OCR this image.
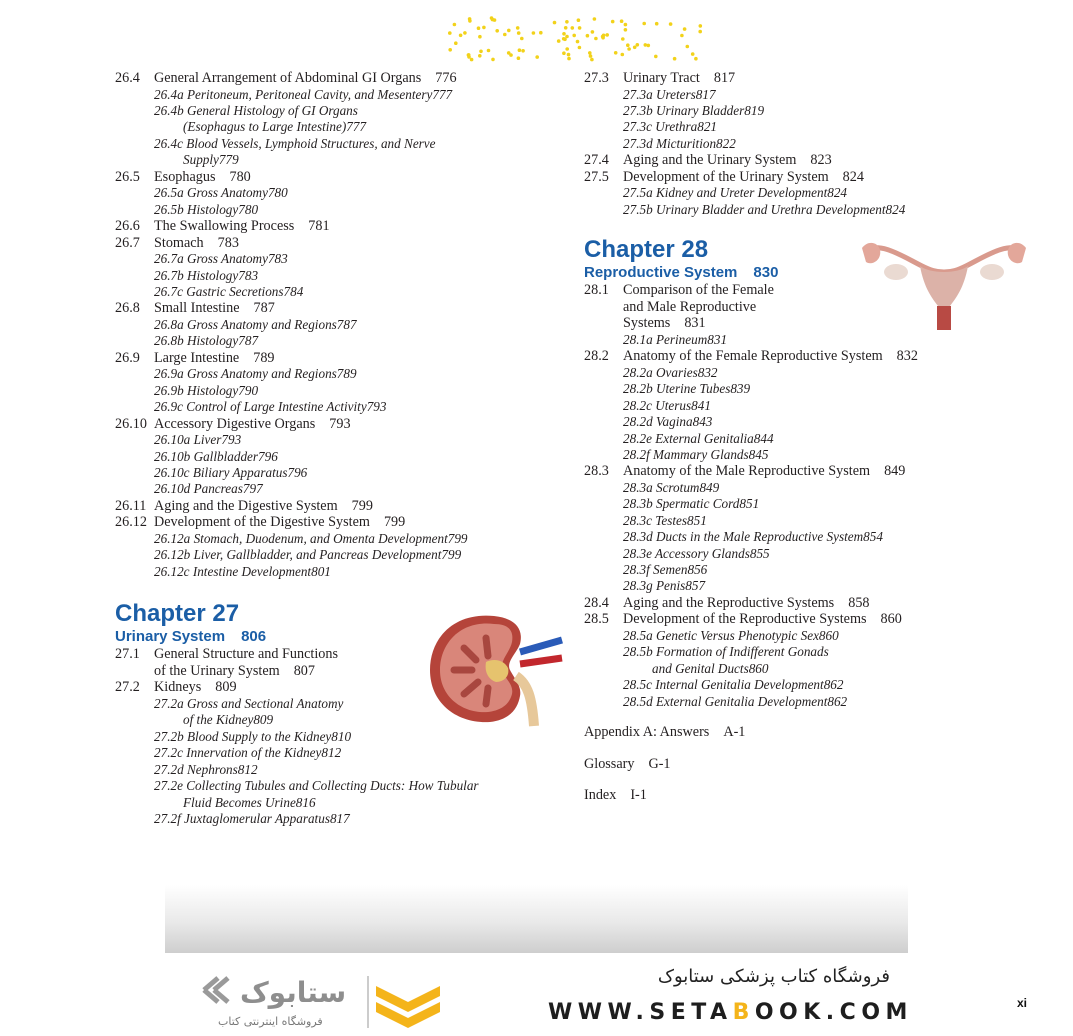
26.4 General Arrangement of Abdominal GI Organs 776
26.4a Peritoneum, Peritoneal Cavity, and Mesentery777
26.4b General Histology of GI Organs
(Esophagus to Large Intestine)777
26.4c Blood Vessels, Lymphoid Structures, and Nerve
Supply779
26.5 Esophagus 780
26.5a Gross Anatomy780
26.5b Histology780
26.6 The Swallowing Process 781
26.7 Stomach 783
26.7a Gross Anatomy783
26.7b Histology783
26.7c Gastric Secretions784
26.8 Small Intestine 787
26.8a Gross Anatomy and Regions787
26.8b Histology787
26.9 Large Intestine 789
26.9a Gross Anatomy and Regions789
26.9b Histology790
26.9c Control of Large Intestine Activity793
26.10 Accessory Digestive Organs 793
26.10a Liver793
26.10b Gallbladder796
26.10c Biliary Apparatus796
26.10d Pancreas797
26.11 Aging and the Digestive System 799
26.12 Development of the Digestive System 799
26.12a Stomach, Duodenum, and Omenta Development799
26.12b Liver, Gallbladder, and Pancreas Development799
26.12c Intestine Development801
Chapter 27
Urinary System 806
27.1 General Structure and Functions
of the Urinary System 807
27.2 Kidneys 809
27.2a Gross and Sectional Anatomy
of the Kidney809
27.2b Blood Supply to the Kidney810
27.2c Innervation of the Kidney812
27.2d Nephrons812
27.2e Collecting Tubules and Collecting Ducts: How Tubular
Fluid Becomes Urine816
27.2f Juxtaglomerular Apparatus817
27.3 Urinary Tract 817
27.3a Ureters817
27.3b Urinary Bladder819
27.3c Urethra821
27.3d Micturition822
27.4 Aging and the Urinary System 823
27.5 Development of the Urinary System 824
27.5a Kidney and Ureter Development824
27.5b Urinary Bladder and Urethra Development824
Chapter 28
Reproductive System 830
28.1 Comparison of the Female
and Male Reproductive
Systems 831
28.1a Perineum831
28.2 Anatomy of the Female Reproductive System 832
28.2a Ovaries832
28.2b Uterine Tubes839
28.2c Uterus841
28.2d Vagina843
28.2e External Genitalia844
28.2f Mammary Glands845
28.3 Anatomy of the Male Reproductive System 849
28.3a Scrotum849
28.3b Spermatic Cord851
28.3c Testes851
28.3d Ducts in the Male Reproductive System854
28.3e Accessory Glands855
28.3f Semen856
28.3g Penis857
28.4 Aging and the Reproductive Systems 858
28.5 Development of the Reproductive Systems 860
28.5a Genetic Versus Phenotypic Sex860
28.5b Formation of Indifferent Gonads
and Genital Ducts860
28.5c Internal Genitalia Development862
28.5d External Genitalia Development862
Appendix A: Answers A-1
Glossary G-1
Index I-1
ستابوک
فروشگاه اینترنتی کتاب
فروشگاه کتاب پزشکی ستابوک
WWW.SETABOOK.COM	xi
